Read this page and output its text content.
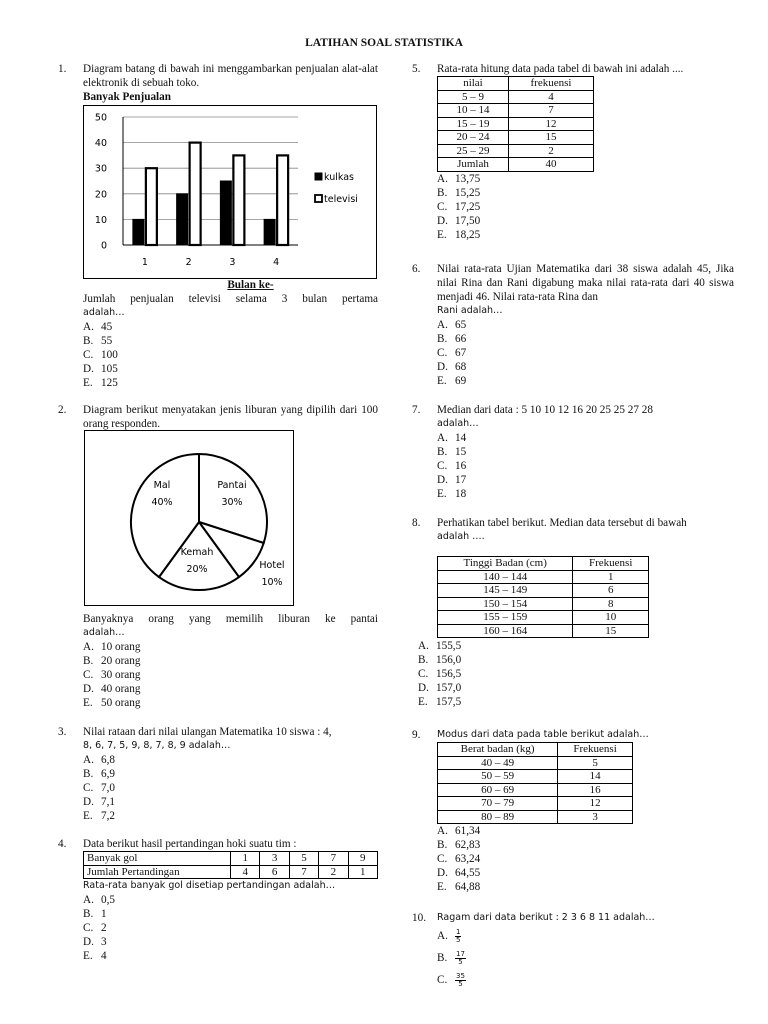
LATIHAN SOAL STATISTIKA
1. Diagram batang di bawah ini menggambarkan penjualan alat-alat elektronik di sebuah toko.
Banyak Penjualan
0
10
20
30
40
50
1	2	3	4
kulkas
televisi
Bulan ke-
Jumlah penjualan televisi selama 3 bulan pertama
adalah…
A. 45
B. 55
C. 100
D. 105
E. 125
2. Diagram berikut menyatakan jenis liburan yang dipilih dari 100 orang responden.
Pantai
30%
Hotel
10%
Kemah
20%
Mal
40%
Banyaknya orang yang memilih liburan ke pantai
adalah…
A. 10 orang
B. 20 orang
C. 30 orang
D. 40 orang
E. 50 orang
3. Nilai rataan dari nilai ulangan Matematika 10 siswa : 4,
8, 6, 7, 5, 9, 8, 7, 8, 9 adalah…
A. 6,8
B. 6,9
C. 7,0
D. 7,1
E. 7,2
4. Data berikut hasil pertandingan hoki suatu tim :
Banyak gol	1	3	5	7	9
Jumlah Pertandingan	4	6	7	2	1
Rata-rata banyak gol disetiap pertandingan adalah…
A. 0,5
B. 1
C. 2
D. 3
E. 4
5. Rata-rata hitung data pada tabel di bawah ini adalah ....
nilai	frekuensi
5 – 9	4
10 – 14	7
15 – 19	12
20 – 24	15
25 – 29	2
Jumlah	40
A. 13,75
B. 15,25
C. 17,25
D. 17,50
E. 18,25
6. Nilai rata-rata Ujian Matematika dari 38 siswa adalah 45, Jika nilai Rina dan Rani digabung maka nilai rata-rata dari 40 siswa menjadi 46. Nilai rata-rata Rina dan
Rani adalah…
A. 65
B. 66
C. 67
D. 68
E. 69
7. Median dari data : 5 10 10 12 16 20 25 25 27 28
adalah…
A. 14
B. 15
C. 16
D. 17
E. 18
8. Perhatikan tabel berikut. Median data tersebut di bawah
adalah ….
Tinggi Badan (cm)	Frekuensi
140 – 144	1
145 – 149	6
150 – 154	8
155 – 159	10
160 – 164	15
A. 155,5
B. 156,0
C. 156,5
D. 157,0
E. 157,5
9. Modus dari data pada table berikut adalah…
Berat badan (kg)	Frekuensi
40 – 49	5
50 – 59	14
60 – 69	16
70 – 79	12
80 – 89	3
A. 61,34
B. 62,83
C. 63,24
D. 64,55
E. 64,88
10. Ragam dari data berikut : 2 3 6 8 11 adalah…
A. $\frac{1}{5}$
B. $\frac{17}{5}$
C. $\frac{35}{5}$
